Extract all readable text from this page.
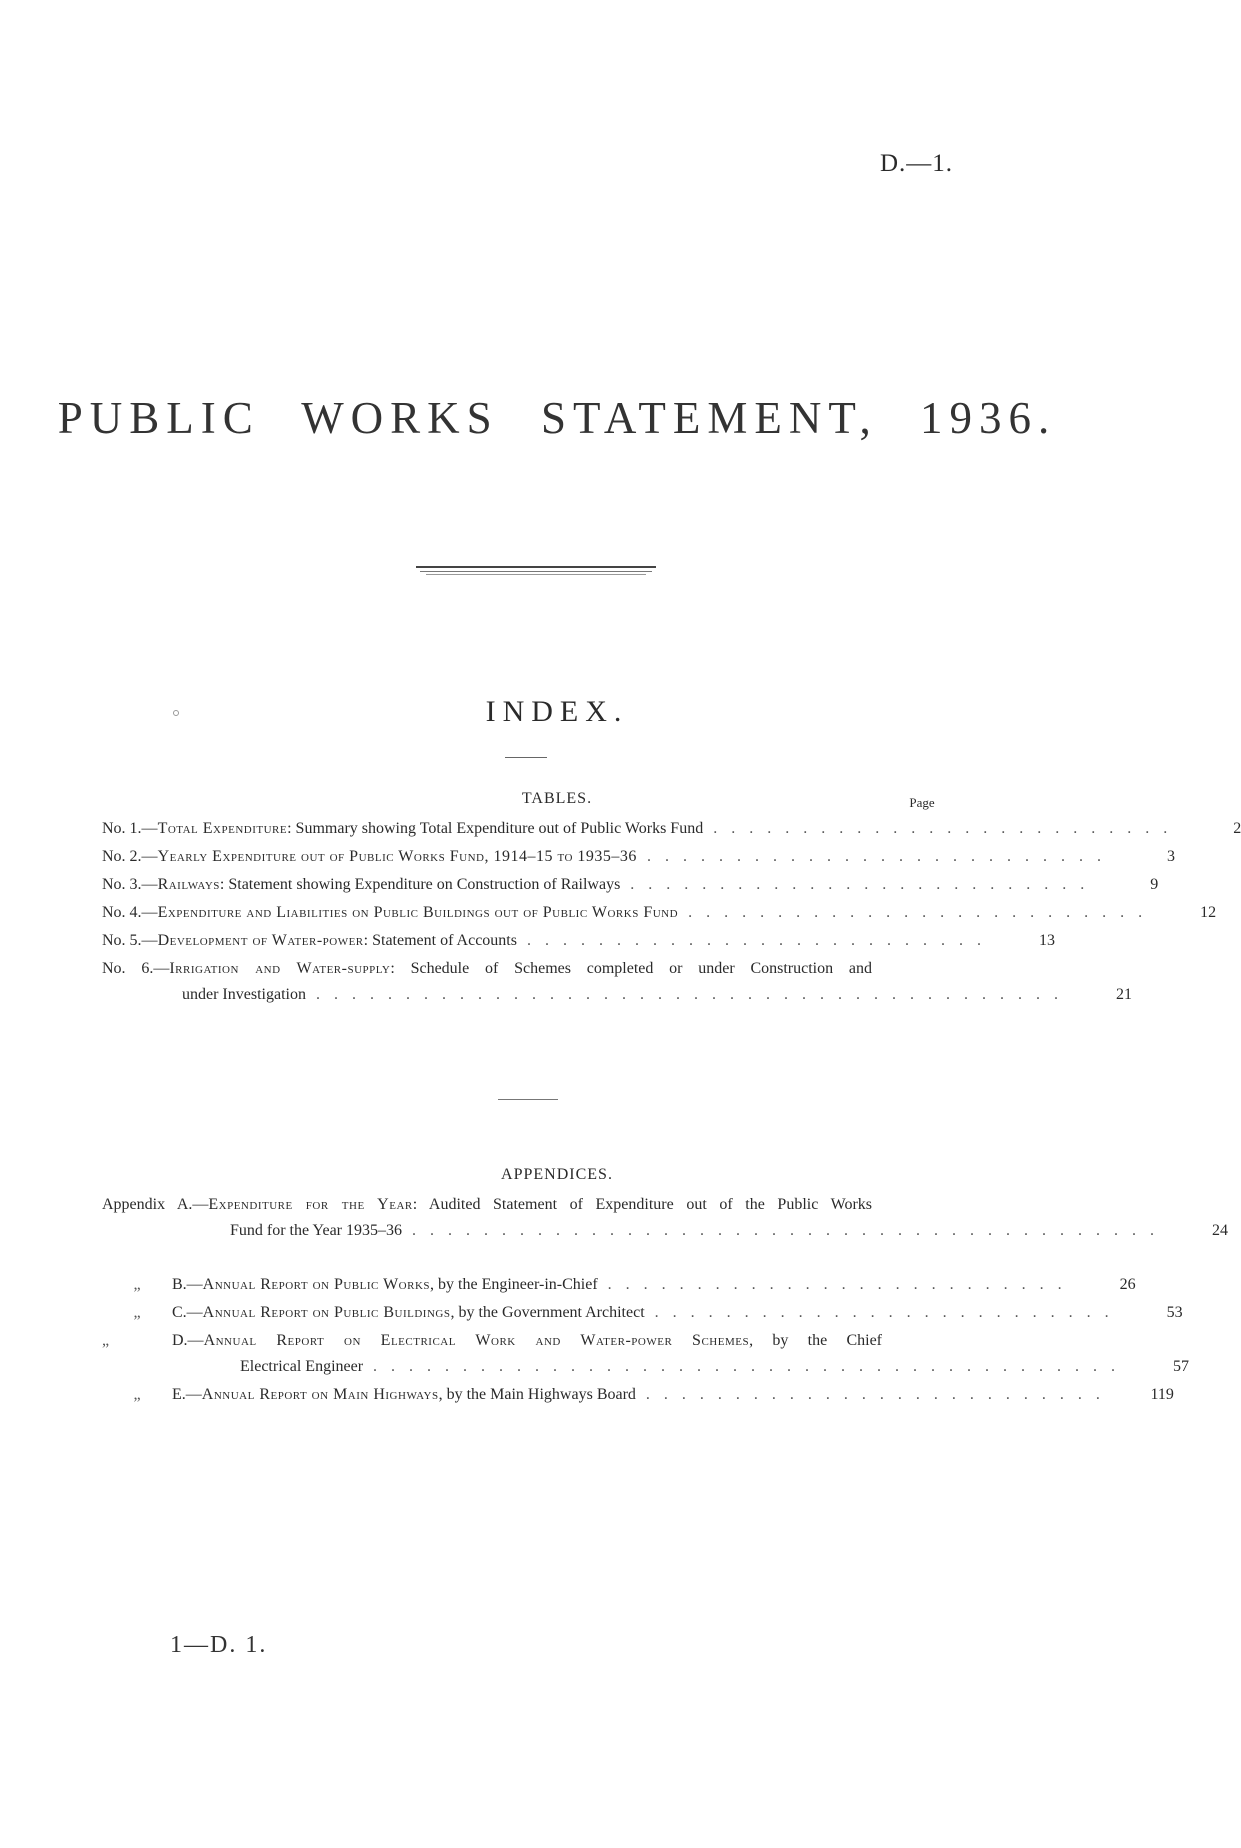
D.—1.
PUBLIC WORKS STATEMENT, 1936.
INDEX.
TABLES.	Page
No. 1.—Total Expenditure: Summary showing Total Expenditure out of Public Works Fund ..........................	2
No. 2.—Yearly Expenditure out of Public Works Fund, 1914–15 to 1935–36 ..........................	3
No. 3.—Railways: Statement showing Expenditure on Construction of Railways ..........................	9
No. 4.—Expenditure and Liabilities on Public Buildings out of Public Works Fund ..........................	12
No. 5.—Development of Water-power: Statement of Accounts ..........................	13
No. 6.—Irrigation and Water-supply: Schedule of Schemes completed or under Construction and
under Investigation ..........................................	21
APPENDICES.
Appendix A.—Expenditure for the Year: Audited Statement of Expenditure out of the Public Works
Fund for the Year 1935–36 ..........................................	24
„ B.—Annual Report on Public Works, by the Engineer-in-Chief ..........................	26
„ C.—Annual Report on Public Buildings, by the Government Architect ..........................	53
„	D.—Annual Report on Electrical Work and Water-power Schemes, by the Chief
Electrical Engineer ..........................................	57
„ E.—Annual Report on Main Highways, by the Main Highways Board ..........................	119
1—D. 1.
